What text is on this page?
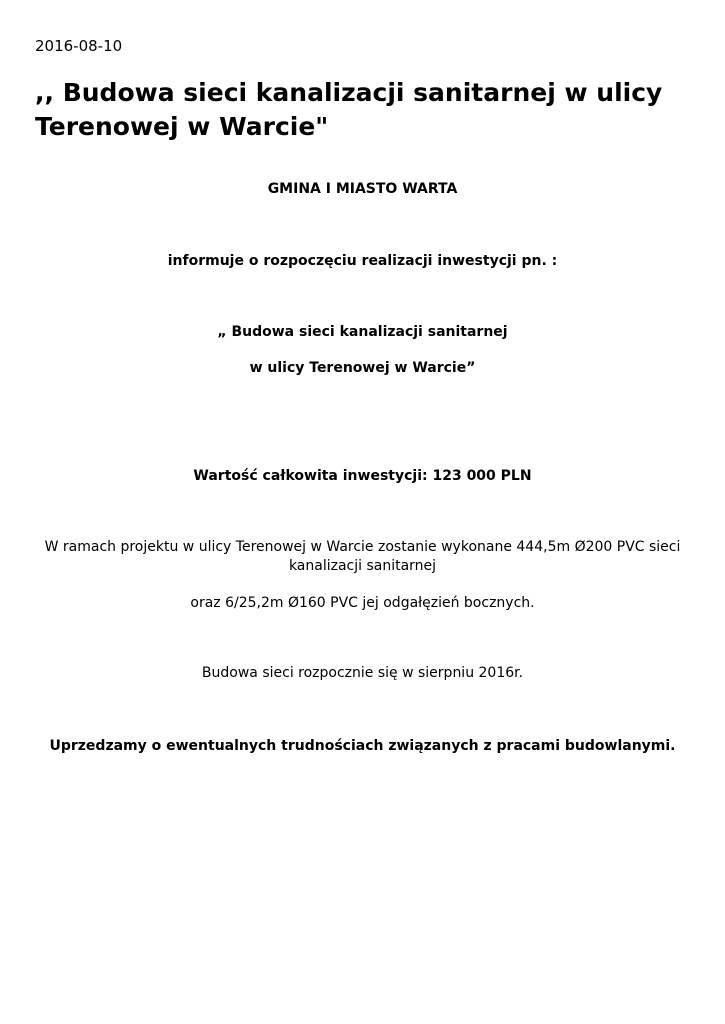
2016-08-10
,, Budowa sieci kanalizacji sanitarnej w ulicy Terenowej w Warcie"
GMINA I MIASTO WARTA
informuje o rozpoczęciu realizacji inwestycji pn. :
„ Budowa sieci kanalizacji sanitarnej
w ulicy Terenowej w Warcie”
Wartość całkowita inwestycji: 123 000 PLN
W ramach projektu w ulicy Terenowej w Warcie zostanie wykonane 444,5m Ø200 PVC sieci kanalizacji sanitarnej
oraz 6/25,2m Ø160 PVC jej odgałęzień bocznych.
Budowa sieci rozpocznie się w sierpniu 2016r.
Uprzedzamy o ewentualnych trudnościach związanych z pracami budowlanymi.
